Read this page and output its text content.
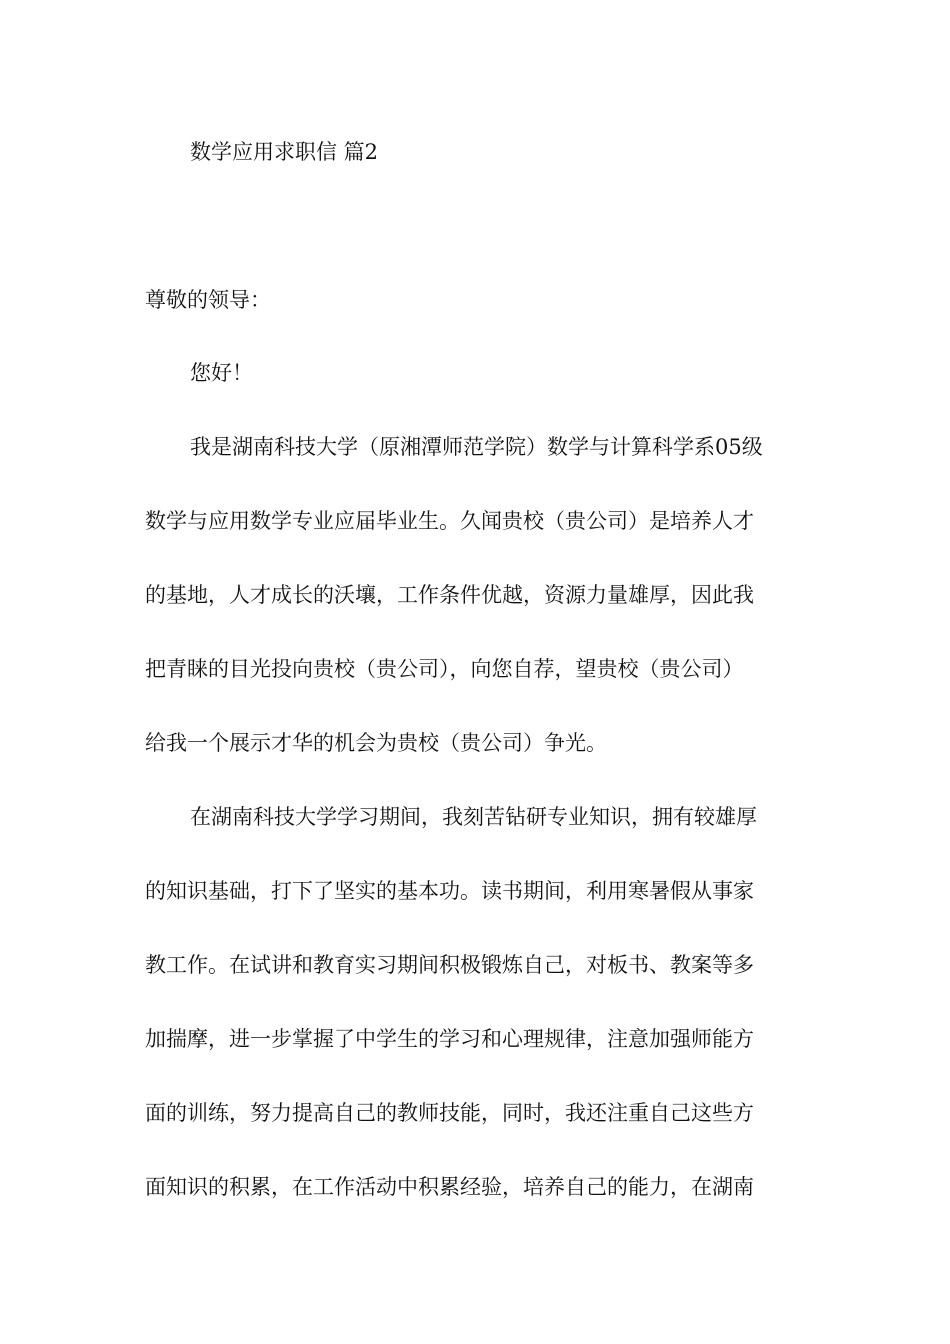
数学应用求职信 篇2
尊敬的领导：
您好！
我是湖南科技大学（原湘潭师范学院）数学与计算科学系05级
数学与应用数学专业应届毕业生。久闻贵校（贵公司）是培养人才
的基地，人才成长的沃壤，工作条件优越，资源力量雄厚，因此我
把青睐的目光投向贵校（贵公司），向您自荐，望贵校（贵公司）
给我一个展示才华的机会为贵校（贵公司）争光。
在湖南科技大学学习期间，我刻苦钻研专业知识，拥有较雄厚
的知识基础，打下了坚实的基本功。读书期间，利用寒暑假从事家
教工作。在试讲和教育实习期间积极锻炼自己，对板书、教案等多
加揣摩，进一步掌握了中学生的学习和心理规律，注意加强师能方
面的训练，努力提高自己的教师技能，同时，我还注重自己这些方
面知识的积累，在工作活动中积累经验，培养自己的能力，在湖南
